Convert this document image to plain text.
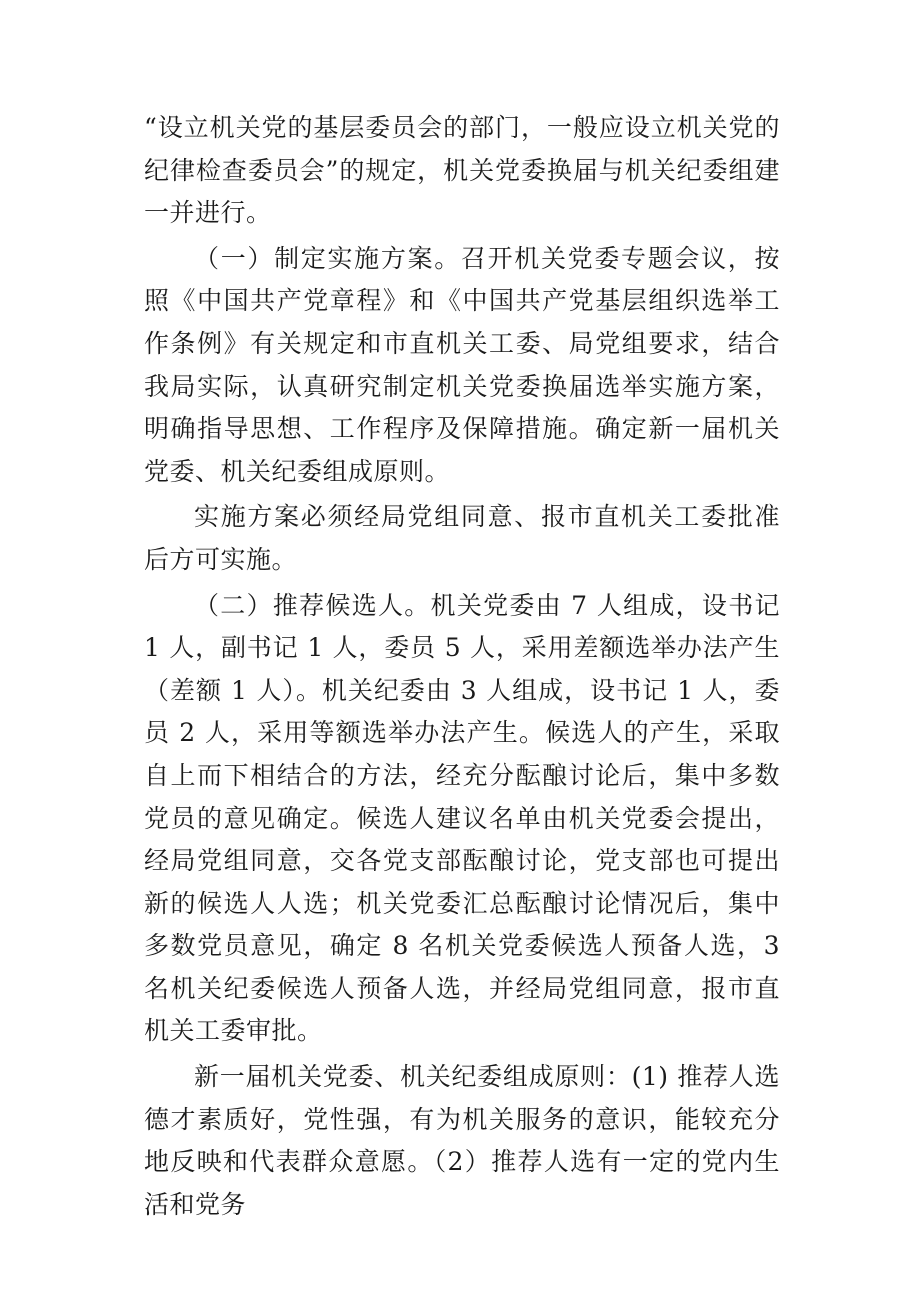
“设立机关党的基层委员会的部门，一般应设立机关党的纪律检查委员会”的规定，机关党委换届与机关纪委组建一并进行。

（一）制定实施方案。召开机关党委专题会议，按照《中国共产党章程》和《中国共产党基层组织选举工作条例》有关规定和市直机关工委、局党组要求，结合我局实际，认真研究制定机关党委换届选举实施方案，明确指导思想、工作程序及保障措施。确定新一届机关党委、机关纪委组成原则。

实施方案必须经局党组同意、报市直机关工委批准后方可实施。

（二）推荐候选人。机关党委由 7 人组成，设书记 1 人，副书记 1 人，委员 5 人，采用差额选举办法产生（差额 1 人）。机关纪委由 3 人组成，设书记 1 人，委员 2 人，采用等额选举办法产生。候选人的产生，采取自上而下相结合的方法，经充分酝酿讨论后，集中多数党员的意见确定。候选人建议名单由机关党委会提出，经局党组同意，交各党支部酝酿讨论，党支部也可提出新的候选人人选；机关党委汇总酝酿讨论情况后，集中多数党员意见，确定 8 名机关党委候选人预备人选，3 名机关纪委候选人预备人选，并经局党组同意，报市直机关工委审批。

新一届机关党委、机关纪委组成原则：(1) 推荐人选德才素质好，党性强，有为机关服务的意识，能较充分地反映和代表群众意愿。（2）推荐人选有一定的党内生活和党务
